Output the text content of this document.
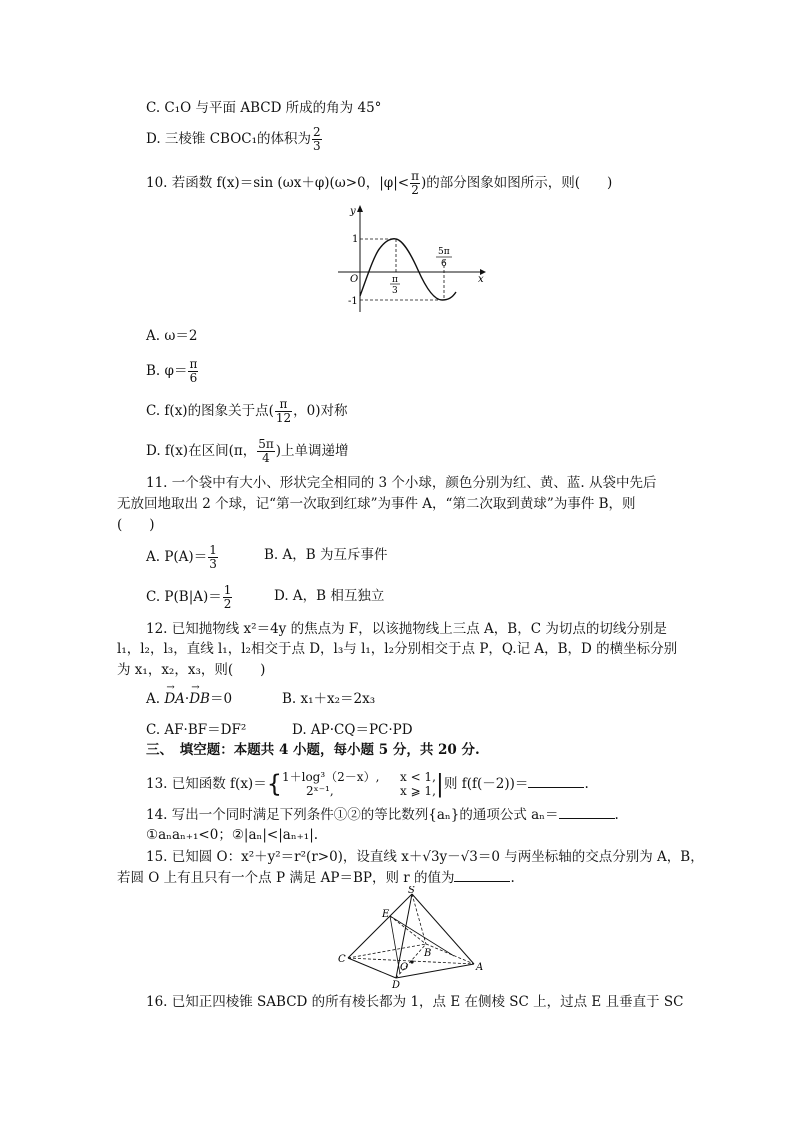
C. C₁O 与平面 ABCD 所成的角为 45°
D. 三棱锥 CBOC₁的体积为 $\frac{2}{3}$
10. 若函数 f(x)＝sin (ωx＋φ)(ω>0，$|\varphi|< \frac{\pi}{2}$ )的部分图象如图所示，则(　　)
y
x
O
1
-1
π
3
5π
6
A. ω＝2
B. $\varphi= \frac{\pi}{6}$
C. f(x)的图象关于点( $\frac{\pi}{12}$ ，0)对称
D. f(x)在区间(π， $\frac{5\pi}{4}$ )上单调递增
11. 一个袋中有大小、形状完全相同的 3 个小球，颜色分别为红、黄、蓝. 从袋中先后
无放回地取出 2 个球，记“第一次取到红球”为事件 A，“第二次取到黄球”为事件 B，则
(　　)
A. $P(A)= \frac{1}{3}$	B. A，B 为互斥事件
C. $P(B|A)= \frac{1}{2}$	D. A，B 相互独立
12. 已知抛物线 x²＝4y 的焦点为 F，以该抛物线上三点 A，B，C 为切点的切线分别是
l₁，l₂，l₃，直线 l₁，l₂相交于点 D，l₃与 l₁，l₂分别相交于点 P，Q.记 A，B，D 的横坐标分别
为 x₁，x₂，x₃，则(　　)
A. → DA·→ DB＝0	B. x₁＋x₂＝2x₃
C. AF·BF＝DF²	D. AP·CQ＝PC·PD
三、　填空题：本题共 4 小题，每小题 5 分，共 20 分.
13. 已知函数 f(x)＝{ 1＋log³（2－x）, x < 1,
2ˣ⁻¹,	x ⩾ 1, |则 f(f(－2))＝	.
14. 写出一个同时满足下列条件①②的等比数列{aₙ}的通项公式 aₙ＝	.
①aₙaₙ₊₁<0；②|aₙ|<|aₙ₊₁|.
15. 已知圆 O：x²＋y²＝r²(r>0)，设直线 x＋√3y－√3＝0 与两坐标轴的交点分别为 A，B，
若圆 O 上有且只有一个点 P 满足 AP＝BP，则 r 的值为	.
S
E
B
C
O	A
D
16. 已知正四棱锥 SABCD 的所有棱长都为 1，点 E 在侧棱 SC 上，过点 E 且垂直于 SC
